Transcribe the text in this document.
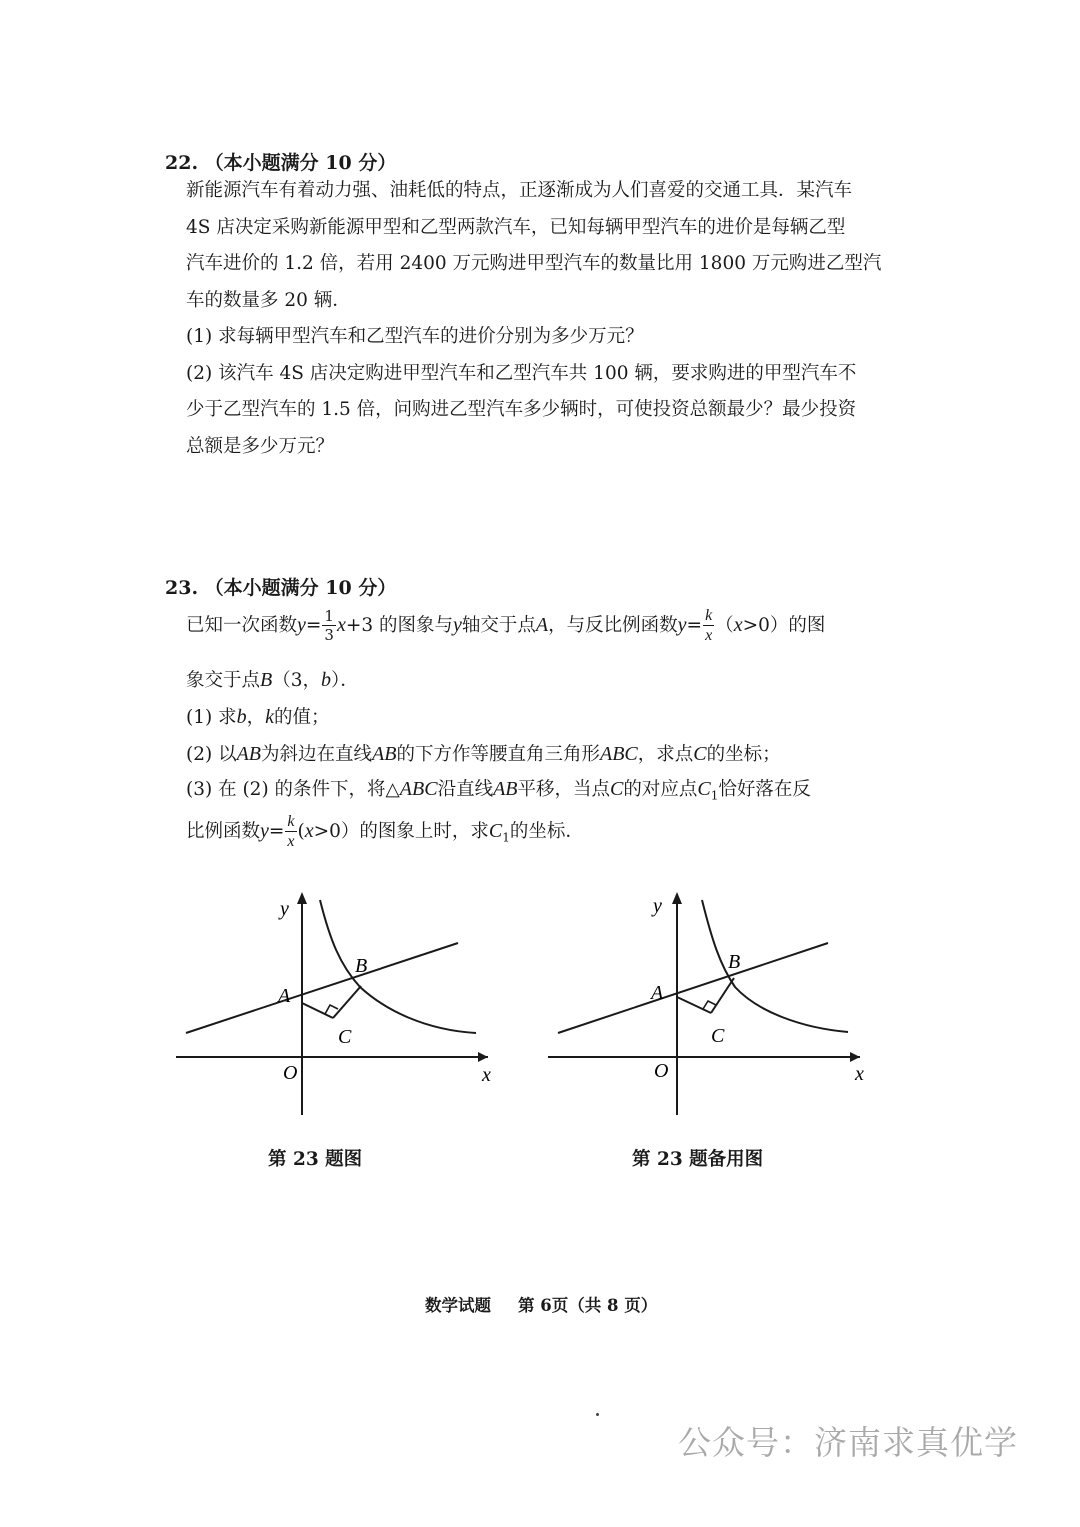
22. （本小题满分 10 分）

新能源汽车有着动力强、油耗低的特点，正逐渐成为人们喜爱的交通工具．某汽车

4S 店决定采购新能源甲型和乙型两款汽车，已知每辆甲型汽车的进价是每辆乙型

汽车进价的 1.2 倍，若用 2400 万元购进甲型汽车的数量比用 1800 万元购进乙型汽

车的数量多 20 辆．

(1) 求每辆甲型汽车和乙型汽车的进价分别为多少万元？

(2) 该汽车 4S 店决定购进甲型汽车和乙型汽车共 100 辆，要求购进的甲型汽车不

少于乙型汽车的 1.5 倍，问购进乙型汽车多少辆时，可使投资总额最少？最少投资

总额是多少万元？

23. （本小题满分 10 分）
已知一次函数$y= \frac{1}{3} x+3$ 的图象与y轴交于点A，与反比例函数$y= \frac{k}{x} (x>0)$的图
象交于点B（3，b）．
(1) 求b，k的值；
(2) 以AB为斜边在直线AB的下方作等腰直角三角形ABC，求点C的坐标；
(3) 在 (2) 的条件下，将△ABC沿直线AB平移，当点C的对应点$C_1$恰好落在反
比例函数$y= \frac{k}{x} (x>0)$的图象上时，求$C_1$的坐标．
y
x
O
A
B
C
y
x
O
A
B
C
第 23 题图	第 23 题备用图
数学试题 第 6页（共 8 页）
公众号：济南求真优学
